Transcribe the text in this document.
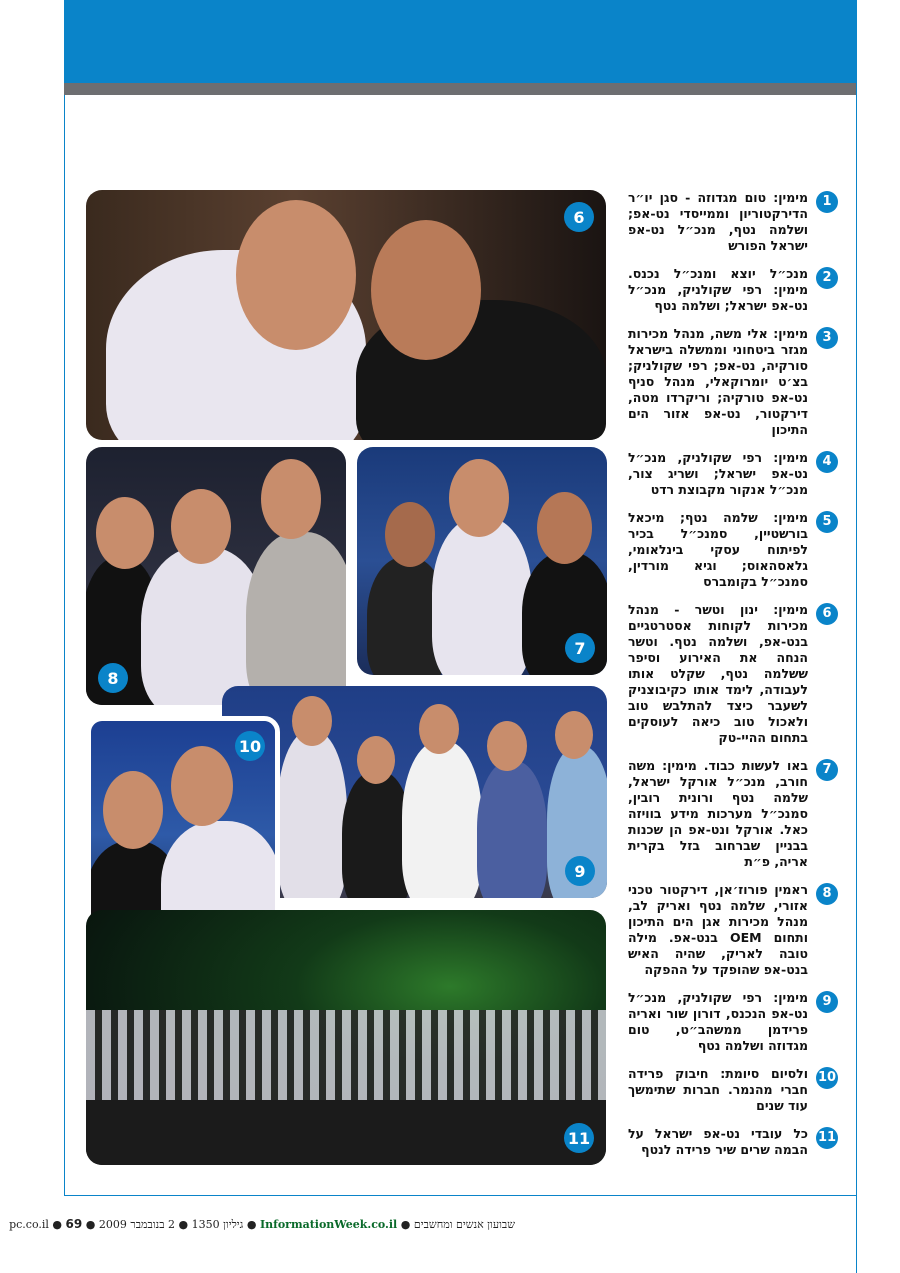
6
8
7
9
10
11
1
מימין: טום מגדוזה - סגן יו״ר הדירקטוריון וממייסדי נט-אפ; ושלמה נטף, מנכ״ל נט-אפ ישראל הפורש
2
מנכ״ל יוצא ומנכ״ל נכנס. מימין: רפי שקולניק, מנכ״ל נט-אפ ישראל; ושלמה נטף
3
מימין: אלי משה, מנהל מכירות מגזר ביטחוני וממשלה בישראל סורקיה, נט-אפ; רפי שקולניק; בצ׳ט יומרוקאלי, מנהל סניף נט-אפ טורקיה; וריקרדו מטה, דירקטור, נט-אפ אזור הים התיכון
4
מימין: רפי שקולניק, מנכ״ל נט-אפ ישראל; ושריג צור, מנכ״ל אנקור מקבוצת רדט
5
מימין: שלמה נטף; מיכאל בורשטיין, סמנכ״ל בכיר לפיתוח עסקי בינלאומי, גלאסהאוס; וגיא מורדין, סמנכ״ל בקומברס
6
מימין: ינון וטשר - מנהל מכירות לקוחות אסטרטגיים בנט-אפ, ושלמה נטף. וטשר הנחה את האירוע וסיפר ששלמה נטף, שקלט אותו לעבודה, לימד אותו כקיבוצניק לשעבר כיצד להתלבש טוב ולאכול טוב כיאה לעוסקים בתחום ההיי-טק
7
באו לעשות כבוד. מימין: משה חורב, מנכ״ל אורקל ישראל, שלמה נטף ורונית רובין, סמנכ״ל מערכות מידע בוויזה כאל. אורקל ונט-אפ הן שכנות בבניין שברחוב בזל בקרית אריה, פ״ת
8
ראמין פורוז׳אן, דירקטור טכני אזורי, שלמה נטף ואריק לב, מנהל מכירות אגן הים התיכון ותחום OEM בנט-אפ. מילה טובה לאריק, שהיה האיש בנט-אפ שהופקד על ההפקה
9
מימין: רפי שקולניק, מנכ״ל נט-אפ הנכנס, דורון שור ואריה פרידמן ממשהב״ט, טום מגדוזה ושלמה נטף
10
ולסיום סיומת: חיבוק פרידה חברי מהנמר. חברות שתימשך עוד שנים
11
כל עובדי נט-אפ ישראל על הבמה שרים שיר פרידה לנטף
שבועון אנשים ומחשבים ● InformationWeek.co.il ● גיליון 1350 ● 2 בנובמבר 2009 ● pc.co.il ● 69
